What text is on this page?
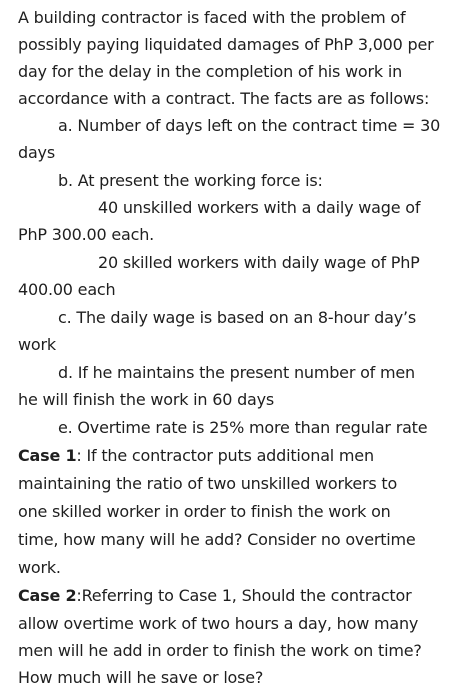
A building contractor is faced with the problem of
possibly paying liquidated damages of PhP 3,000 per
day for the delay in the completion of his work in
accordance with a contract. The facts are as follows:
a. Number of days left on the contract time = 30
days
b. At present the working force is:
40 unskilled workers with a daily wage of
PhP 300.00 each.
20 skilled workers with daily wage of PhP
400.00 each
c. The daily wage is based on an 8-hour day’s
work
d. If he maintains the present number of men
he will finish the work in 60 days
e. Overtime rate is 25% more than regular rate
Case 1: If the contractor puts additional men
maintaining the ratio of two unskilled workers to
one skilled worker in order to finish the work on
time, how many will he add? Consider no overtime
work.
Case 2:Referring to Case 1, Should the contractor
allow overtime work of two hours a day, how many
men will he add in order to finish the work on time?
How much will he save or lose?
